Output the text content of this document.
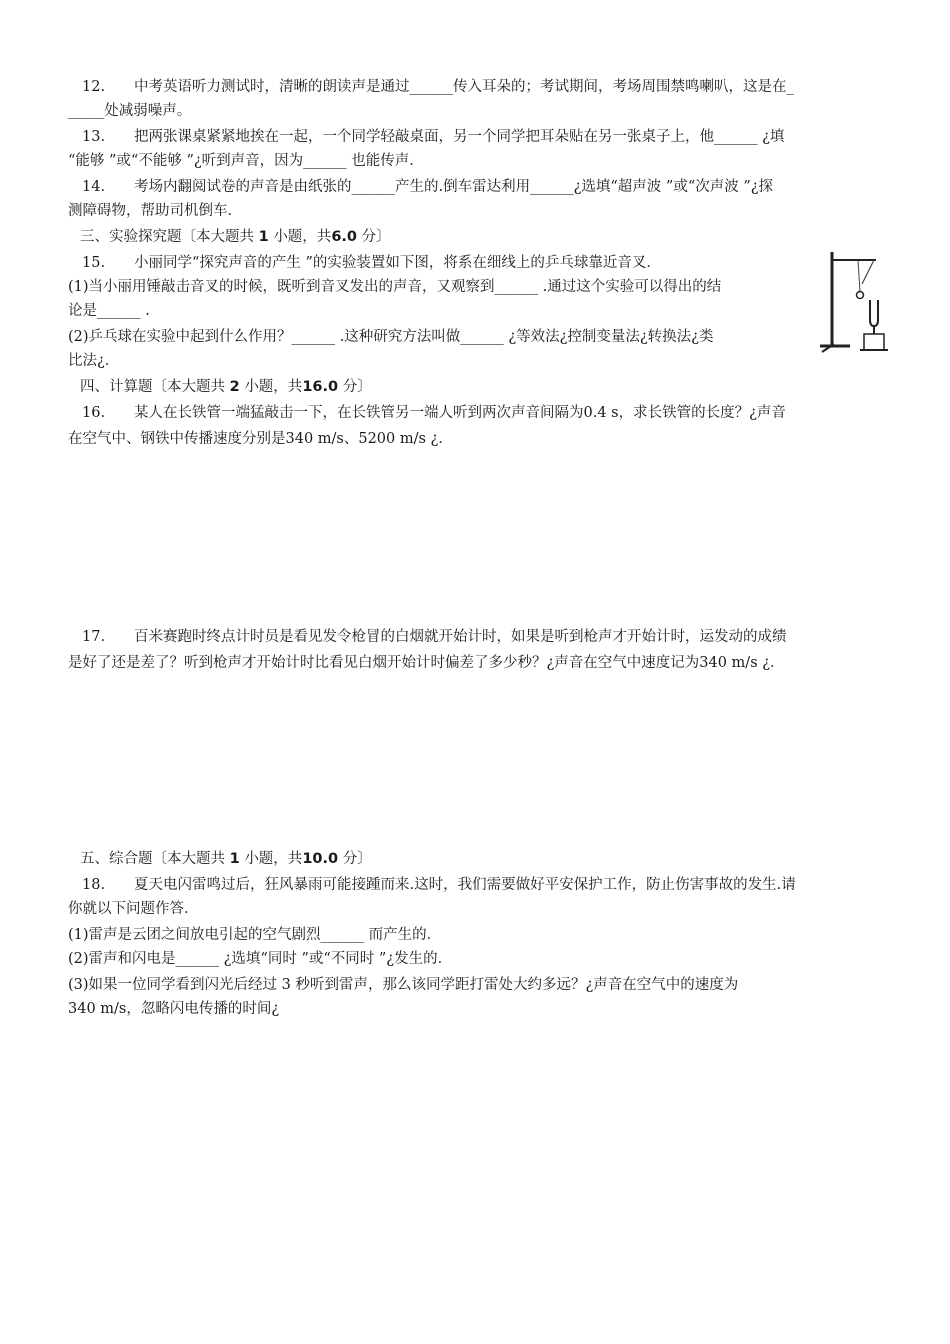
12. 中考英语听力测试时，清晰的朗读声是通过______传入耳朵的；考试期间，考场周围禁鸣喇叭，这是在_
_____处减弱噪声。
13. 把两张课桌紧紧地挨在一起，一个同学轻敲桌面，另一个同学把耳朵贴在另一张桌子上，他______ ¿填
“能够 ”或“不能够 ”¿听到声音，因为______ 也能传声．
14. 考场内翻阅试卷的声音是由纸张的______产生的.倒车雷达利用______¿选填“超声波 ”或“次声波 ”¿探
测障碍物，帮助司机倒车．
三、实验探究题〔本大题共 1 小题，共6.0 分〕
15. 小丽同学“探究声音的产生 ”的实验装置如下图，将系在细线上的乒乓球靠近音叉．
(1)当小丽用锤敲击音叉的时候，既听到音叉发出的声音，又观察到______ .通过这个实验可以得出的结
论是______ .
(2)乒乓球在实验中起到什么作用？______ .这种研究方法叫做______ ¿等效法¿控制变量法¿转换法¿类
比法¿．
四、计算题〔本大题共 2 小题，共16.0 分〕
16. 某人在长铁管一端猛敲击一下，在长铁管另一端人听到两次声音间隔为0.4 s，求长铁管的长度？¿声音
在空气中、钢铁中传播速度分别是340 m/s、5200 m/s ¿．
17. 百米赛跑时终点计时员是看见发令枪冒的白烟就开始计时，如果是听到枪声才开始计时，运发动的成绩
是好了还是差了？听到枪声才开始计时比看见白烟开始计时偏差了多少秒？¿声音在空气中速度记为340 m/s ¿．
五、综合题〔本大题共 1 小题，共10.0 分〕
18. 夏天电闪雷鸣过后，狂风暴雨可能接踵而来.这时，我们需要做好平安保护工作，防止伤害事故的发生.请
你就以下问题作答．
(1)雷声是云团之间放电引起的空气剧烈______ 而产生的．
(2)雷声和闪电是______ ¿选填“同时 ”或“不同时 ”¿发生的．
(3)如果一位同学看到闪光后经过 3 秒听到雷声，那么该同学距打雷处大约多远？¿声音在空气中的速度为
340 m/s，忽略闪电传播的时间¿
